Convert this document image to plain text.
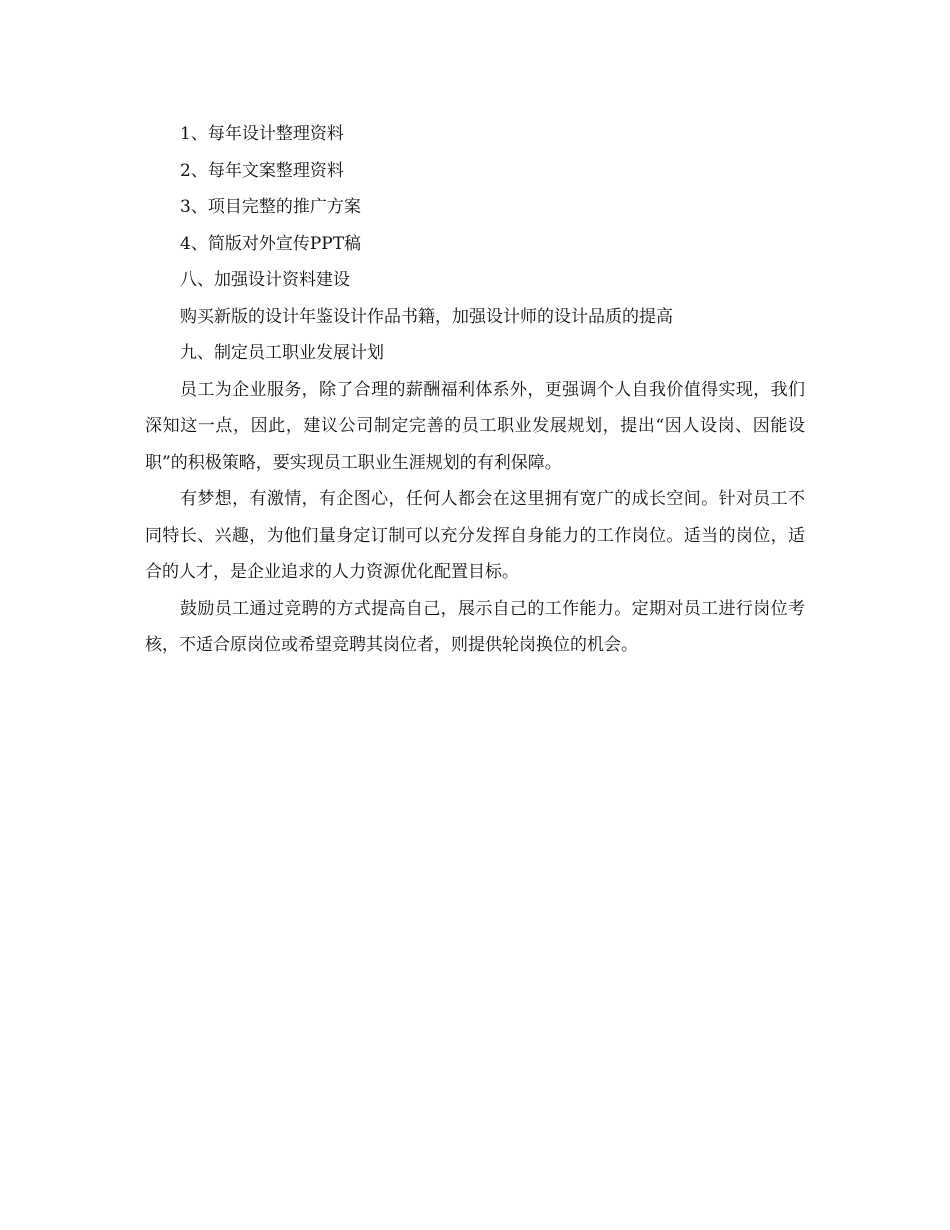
1、每年设计整理资料
2、每年文案整理资料
3、项目完整的推广方案
4、简版对外宣传PPT稿
八、加强设计资料建设
购买新版的设计年鉴设计作品书籍，加强设计师的设计品质的提高
九、制定员工职业发展计划

员工为企业服务，除了合理的薪酬福利体系外，更强调个人自我价值得实现，我们深知这一点，因此，建议公司制定完善的员工职业发展规划，提出“因人设岗、因能设职”的积极策略，要实现员工职业生涯规划的有利保障。

有梦想，有激情，有企图心，任何人都会在这里拥有宽广的成长空间。针对员工不同特长、兴趣，为他们量身定订制可以充分发挥自身能力的工作岗位。适当的岗位，适合的人才，是企业追求的人力资源优化配置目标。

鼓励员工通过竞聘的方式提高自己，展示自己的工作能力。定期对员工进行岗位考核，不适合原岗位或希望竞聘其岗位者，则提供轮岗换位的机会。
